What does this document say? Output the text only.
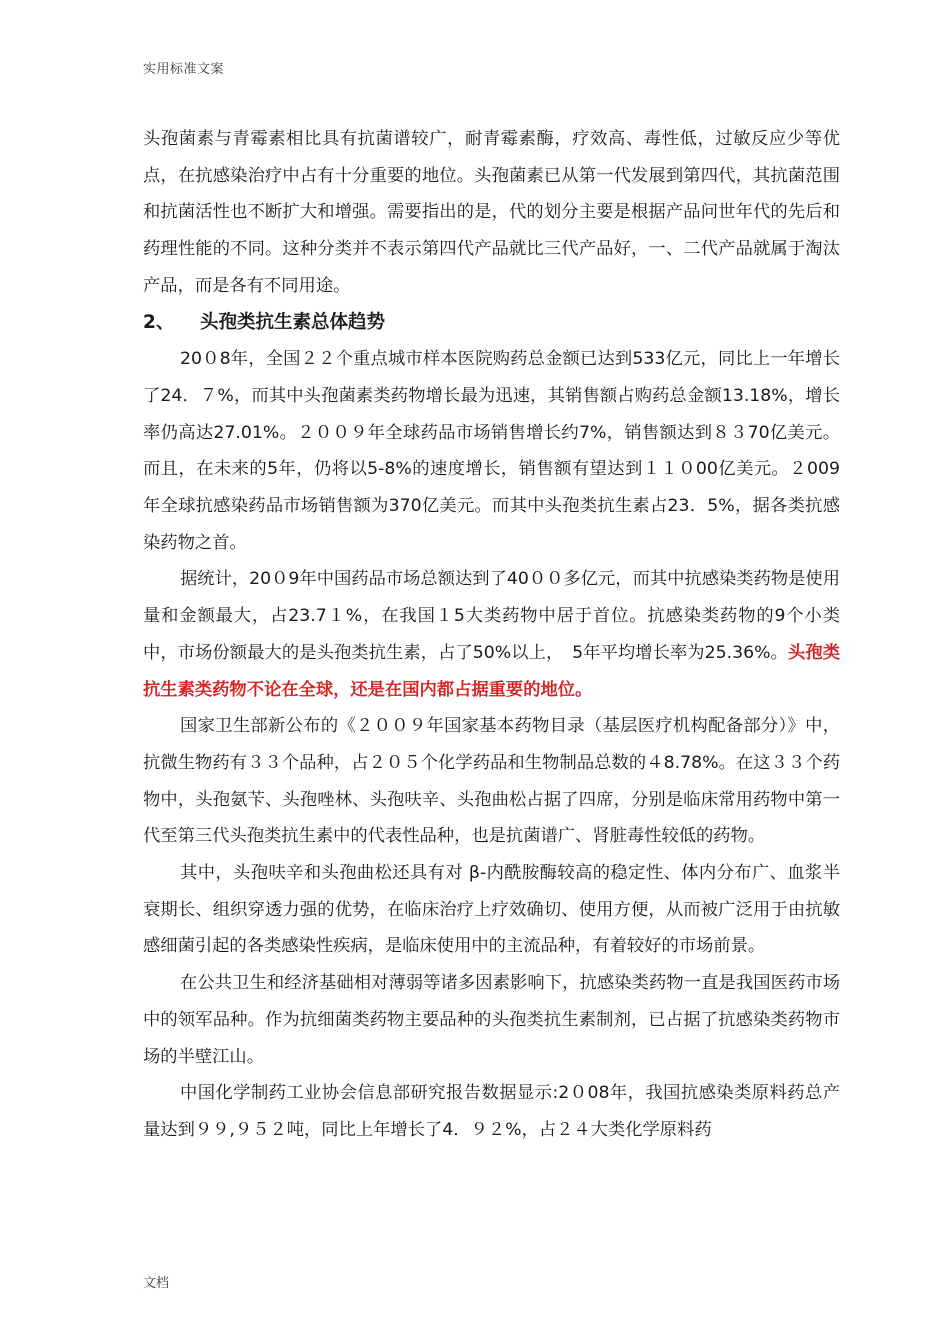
实用标准文案

头孢菌素与青霉素相比具有抗菌谱较广，耐青霉素酶，疗效高、毒性低，过敏反应少等优点，在抗感染治疗中占有十分重要的地位。头孢菌素已从第一代发展到第四代，其抗菌范围和抗菌活性也不断扩大和增强。需要指出的是，代的划分主要是根据产品问世年代的先后和药理性能的不同。这种分类并不表示第四代产品就比三代产品好，一、二代产品就属于淘汰产品，而是各有不同用途。

2、 头孢类抗生素总体趋势

20０8年，全国２２个重点城市样本医院购药总金额已达到533亿元，同比上一年增长了24．７%，而其中头孢菌素类药物增长最为迅速，其销售额占购药总金额13.18%，增长率仍高达27.01%。２００９年全球药品市场销售增长约7%，销售额达到８３70亿美元。而且，在未来的5年，仍将以5-8%的速度增长，销售额有望达到１１０00亿美元。２009年全球抗感染药品市场销售额为370亿美元。而其中头孢类抗生素占23．5%，据各类抗感染药物之首。

据统计，20０9年中国药品市场总额达到了40００多亿元，而其中抗感染类药物是使用量和金额最大，占23.7１%，在我国１5大类药物中居于首位。抗感染类药物的9个小类中，市场份额最大的是头孢类抗生素，占了50%以上，　5年平均增长率为25.36%。头孢类抗生素类药物不论在全球，还是在国内都占据重要的地位。

国家卫生部新公布的《２００９年国家基本药物目录（基层医疗机构配备部分）》中，抗微生物药有３３个品种，占２０５个化学药品和生物制品总数的４8.78%。在这３３个药物中，头孢氨苄、头孢唑林、头孢呋辛、头孢曲松占据了四席，分别是临床常用药物中第一代至第三代头孢类抗生素中的代表性品种，也是抗菌谱广、肾脏毒性较低的药物。

其中，头孢呋辛和头孢曲松还具有对 β-内酰胺酶较高的稳定性、体内分布广、血浆半衰期长、组织穿透力强的优势，在临床治疗上疗效确切、使用方便，从而被广泛用于由抗敏感细菌引起的各类感染性疾病，是临床使用中的主流品种，有着较好的市场前景。

在公共卫生和经济基础相对薄弱等诸多因素影响下，抗感染类药物一直是我国医药市场中的领军品种。作为抗细菌类药物主要品种的头孢类抗生素制剂，已占据了抗感染类药物市场的半壁江山。

中国化学制药工业协会信息部研究报告数据显示:2０08年，我国抗感染类原料药总产量达到９９,９５２吨，同比上年增长了4．９２%，占２４大类化学原料药

文档
